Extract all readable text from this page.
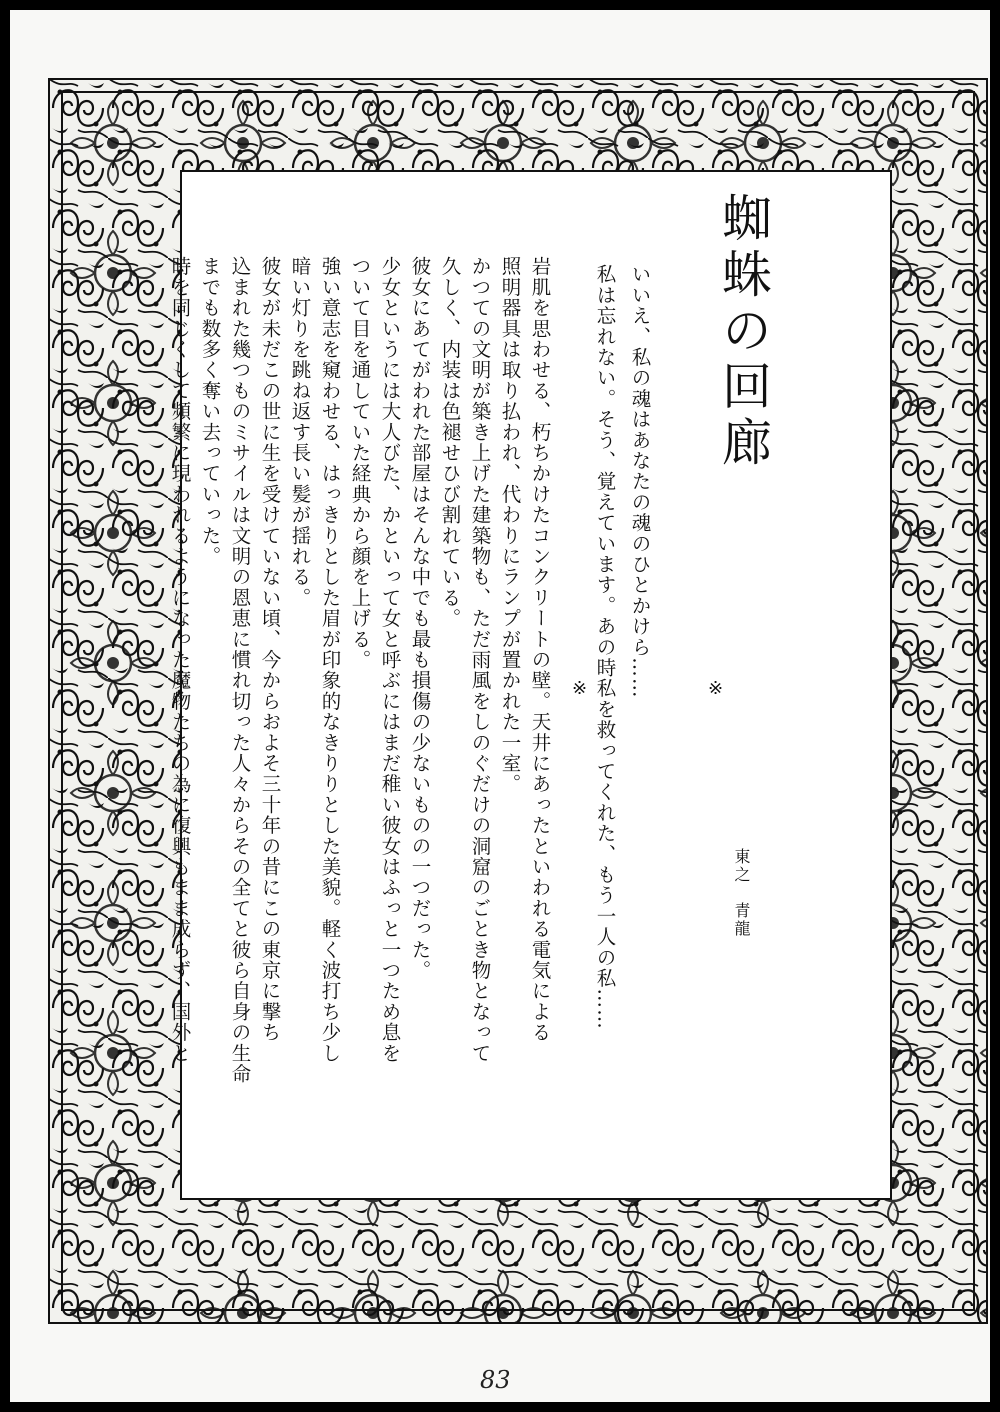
蜘蛛の回廊
※
東之　青龍
いいえ、私の魂はあなたの魂のひとかけら……
私は忘れない。そう、覚えています。あの時私を救ってくれた、もう一人の私……
※
岩肌を思わせる、朽ちかけたコンクリートの壁。天井にあったといわれる電気による
照明器具は取り払われ、代わりにランプが置かれた一室。
かつての文明が築き上げた建築物も、ただ雨風をしのぐだけの洞窟のごとき物となって
久しく、内装は色褪せひび割れている。
彼女にあてがわれた部屋はそんな中でも最も損傷の少ないものの一つだった。
少女というには大人びた、かといって女と呼ぶにはまだ稚い彼女はふっと一つため息を
ついて目を通していた経典から顔を上げる。
強い意志を窺わせる、はっきりとした眉が印象的なきりりとした美貌。軽く波打ち少し
暗い灯りを跳ね返す長い髪が揺れる。
彼女が未だこの世に生を受けていない頃、今からおよそ三十年の昔にこの東京に撃ち
込まれた幾つものミサイルは文明の恩恵に慣れ切った人々からその全てと彼ら自身の生命
までも数多く奪い去っていった。
時を同じくして頻繁に現われるようになった魔物たちの為に復興もまま成らず、国外と
83
